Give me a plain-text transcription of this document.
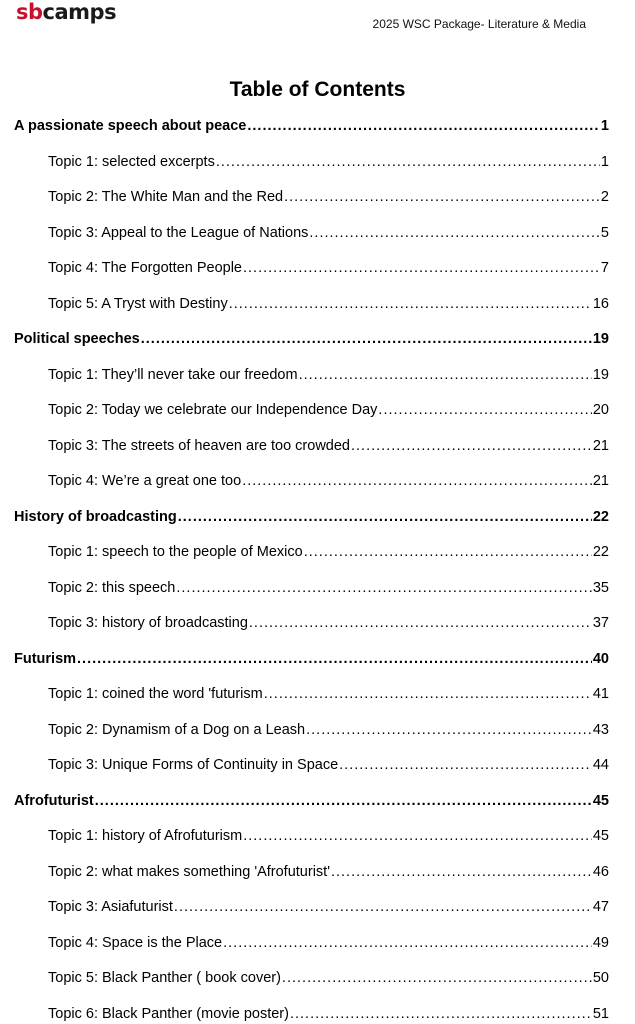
sbcamps	2025 WSC Package- Literature & Media
Table of Contents
A passionate speech about peace .....	1
Topic 1: selected excerpts .....	1
Topic 2: The White Man and the Red .....	2
Topic 3: Appeal to the League of Nations .....	5
Topic 4: The Forgotten People .....	7
Topic 5: A Tryst with Destiny .....	16
Political speeches .....	19
Topic 1: They’ll never take our freedom .....	19
Topic 2: Today we celebrate our Independence Day .....	20
Topic 3: The streets of heaven are too crowded .....	21
Topic 4: We’re a great one too .....	21
History of broadcasting .....	22
Topic 1: speech to the people of Mexico .....	22
Topic 2: this speech .....	35
Topic 3: history of broadcasting .....	37
Futurism .....	40
Topic 1: coined the word 'futurism .....	41
Topic 2: Dynamism of a Dog on a Leash .....	43
Topic 3: Unique Forms of Continuity in Space .....	44
Afrofuturist .....	45
Topic 1: history of Afrofuturism .....	45
Topic 2: what makes something 'Afrofuturist' .....	46
Topic 3: Asiafuturist .....	47
Topic 4: Space is the Place .....	49
Topic 5: Black Panther ( book cover) .....	50
Topic 6: Black Panther (movie poster) .....	51
